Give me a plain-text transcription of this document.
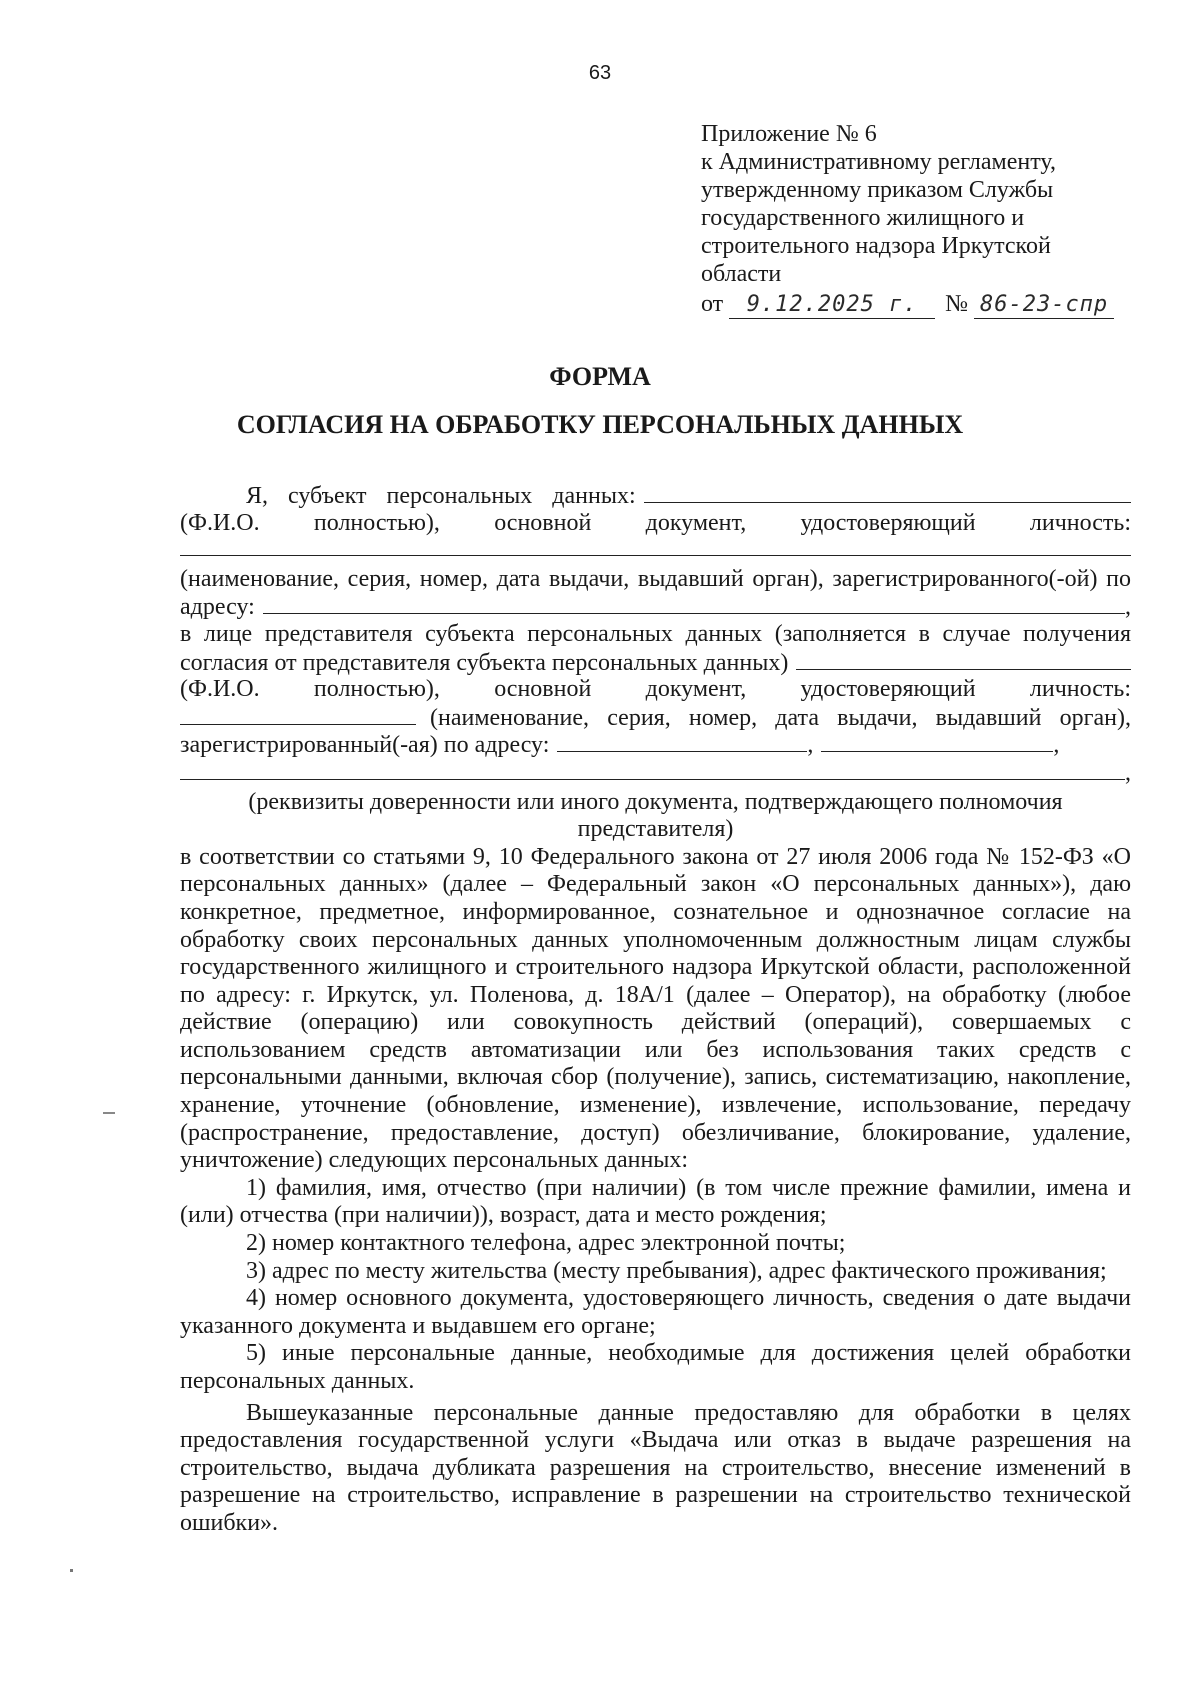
63
Приложение № 6
к Административному регламенту,
утвержденному приказом Службы
государственного жилищного и
строительного надзора Иркутской
области
от 9.12.2025 г. № 86-23-спр
ФОРМА
СОГЛАСИЯ НА ОБРАБОТКУ ПЕРСОНАЛЬНЫХ ДАННЫХ
Я, субъект персональных данных:
(Ф.И.О. полностью), основной документ, удостоверяющий личность:
(наименование, серия, номер, дата выдачи, выдавший орган), зарегистрированного(-ой) по
адресу:	,
в лице представителя субъекта персональных данных (заполняется в случае получения
согласия от представителя субъекта персональных данных)
(Ф.И.О. полностью), основной документ, удостоверяющий личность:
(наименование, серия, номер, дата выдачи, выдавший орган),
зарегистрированный(-ая) по адресу:	,	,
,
(реквизиты доверенности или иного документа, подтверждающего полномочия
представителя)
в соответствии со статьями 9, 10 Федерального закона от 27 июля 2006 года № 152-ФЗ «О
персональных данных» (далее – Федеральный закон «О персональных данных»), даю
конкретное, предметное, информированное, сознательное и однозначное согласие на
обработку своих персональных данных уполномоченным должностным лицам службы
государственного жилищного и строительного надзора Иркутской области, расположенной
по адресу: г. Иркутск, ул. Поленова, д. 18А/1 (далее – Оператор), на обработку (любое
действие (операцию) или совокупность действий (операций), совершаемых с
использованием средств автоматизации или без использования таких средств с
персональными данными, включая сбор (получение), запись, систематизацию, накопление,
хранение, уточнение (обновление, изменение), извлечение, использование, передачу
(распространение, предоставление, доступ) обезличивание, блокирование, удаление,
уничтожение) следующих персональных данных:
1) фамилия, имя, отчество (при наличии) (в том числе прежние фамилии, имена и
(или) отчества (при наличии)), возраст, дата и место рождения;
2) номер контактного телефона, адрес электронной почты;
3) адрес по месту жительства (месту пребывания), адрес фактического проживания;
4) номер основного документа, удостоверяющего личность, сведения о дате выдачи
указанного документа и выдавшем его органе;
5) иные персональные данные, необходимые для достижения целей обработки
персональных данных.
Вышеуказанные персональные данные предоставляю для обработки в целях
предоставления государственной услуги «Выдача или отказ в выдаче разрешения на
строительство, выдача дубликата разрешения на строительство, внесение изменений в
разрешение на строительство, исправление в разрешении на строительство технической
ошибки».
